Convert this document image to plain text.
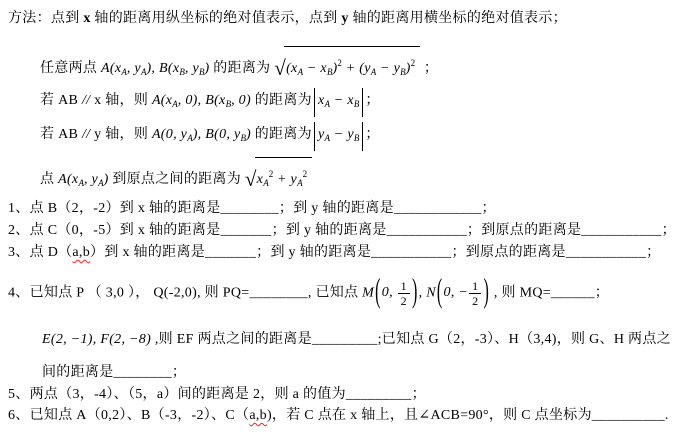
方法：点到 x 轴的距离用纵坐标的绝对值表示，点到 y 轴的距离用横坐标的绝对值表示；
任意两点 $A(x_A$, $y_A$), $B(x_B$, $y_B$) 的距离为 $√(x_A - x_B)^2 + (y_A - y_B)^2$ ；
若 AB // x 轴，则 $A(x_A$, 0), $B(x_B$, 0) 的距离为 $x_A - x_B$ ；
若 AB // y 轴，则 A(0, $y_A$), B(0, $y_B$) 的距离为 $y_A - y_B$ ；
点 $A(x_A$, $y_A$) 到原点之间的距离为 $√x_A^2 + y_A^2$
1、点 B（2，-2）到 x 轴的距离是________；到 y 轴的距离是____________；
2、点 C（0，-5）到 x 轴的距离是_______；到 y 轴的距离是___________；到原点的距离是___________；
3、点 D（a,b）到 x 轴的距离是_______；到 y 轴的距离是___________；到原点的距离是___________；
4、已知点 P （ 3,0 ）， Q(-2,0), 则 PQ=________, 已知点 M(0, $\frac{1}{2}$ ), N(0, − $\frac{1}{2}$ ) , 则 MQ=______；
E(2, −1), F(2, −8) ,则 EF 两点之间的距离是_________;已知点 G（2，-3）、H（3,4)，则 G、H 两点之
间的距离是________；
5、两点（3，-4）、（5，a）间的距离是 2，则 a 的值为_________；
6、已知点 A（0,2）、B（-3，-2）、C（a,b)，若 C 点在 x 轴上，且∠ACB=90°，则 C 点坐标为__________.
